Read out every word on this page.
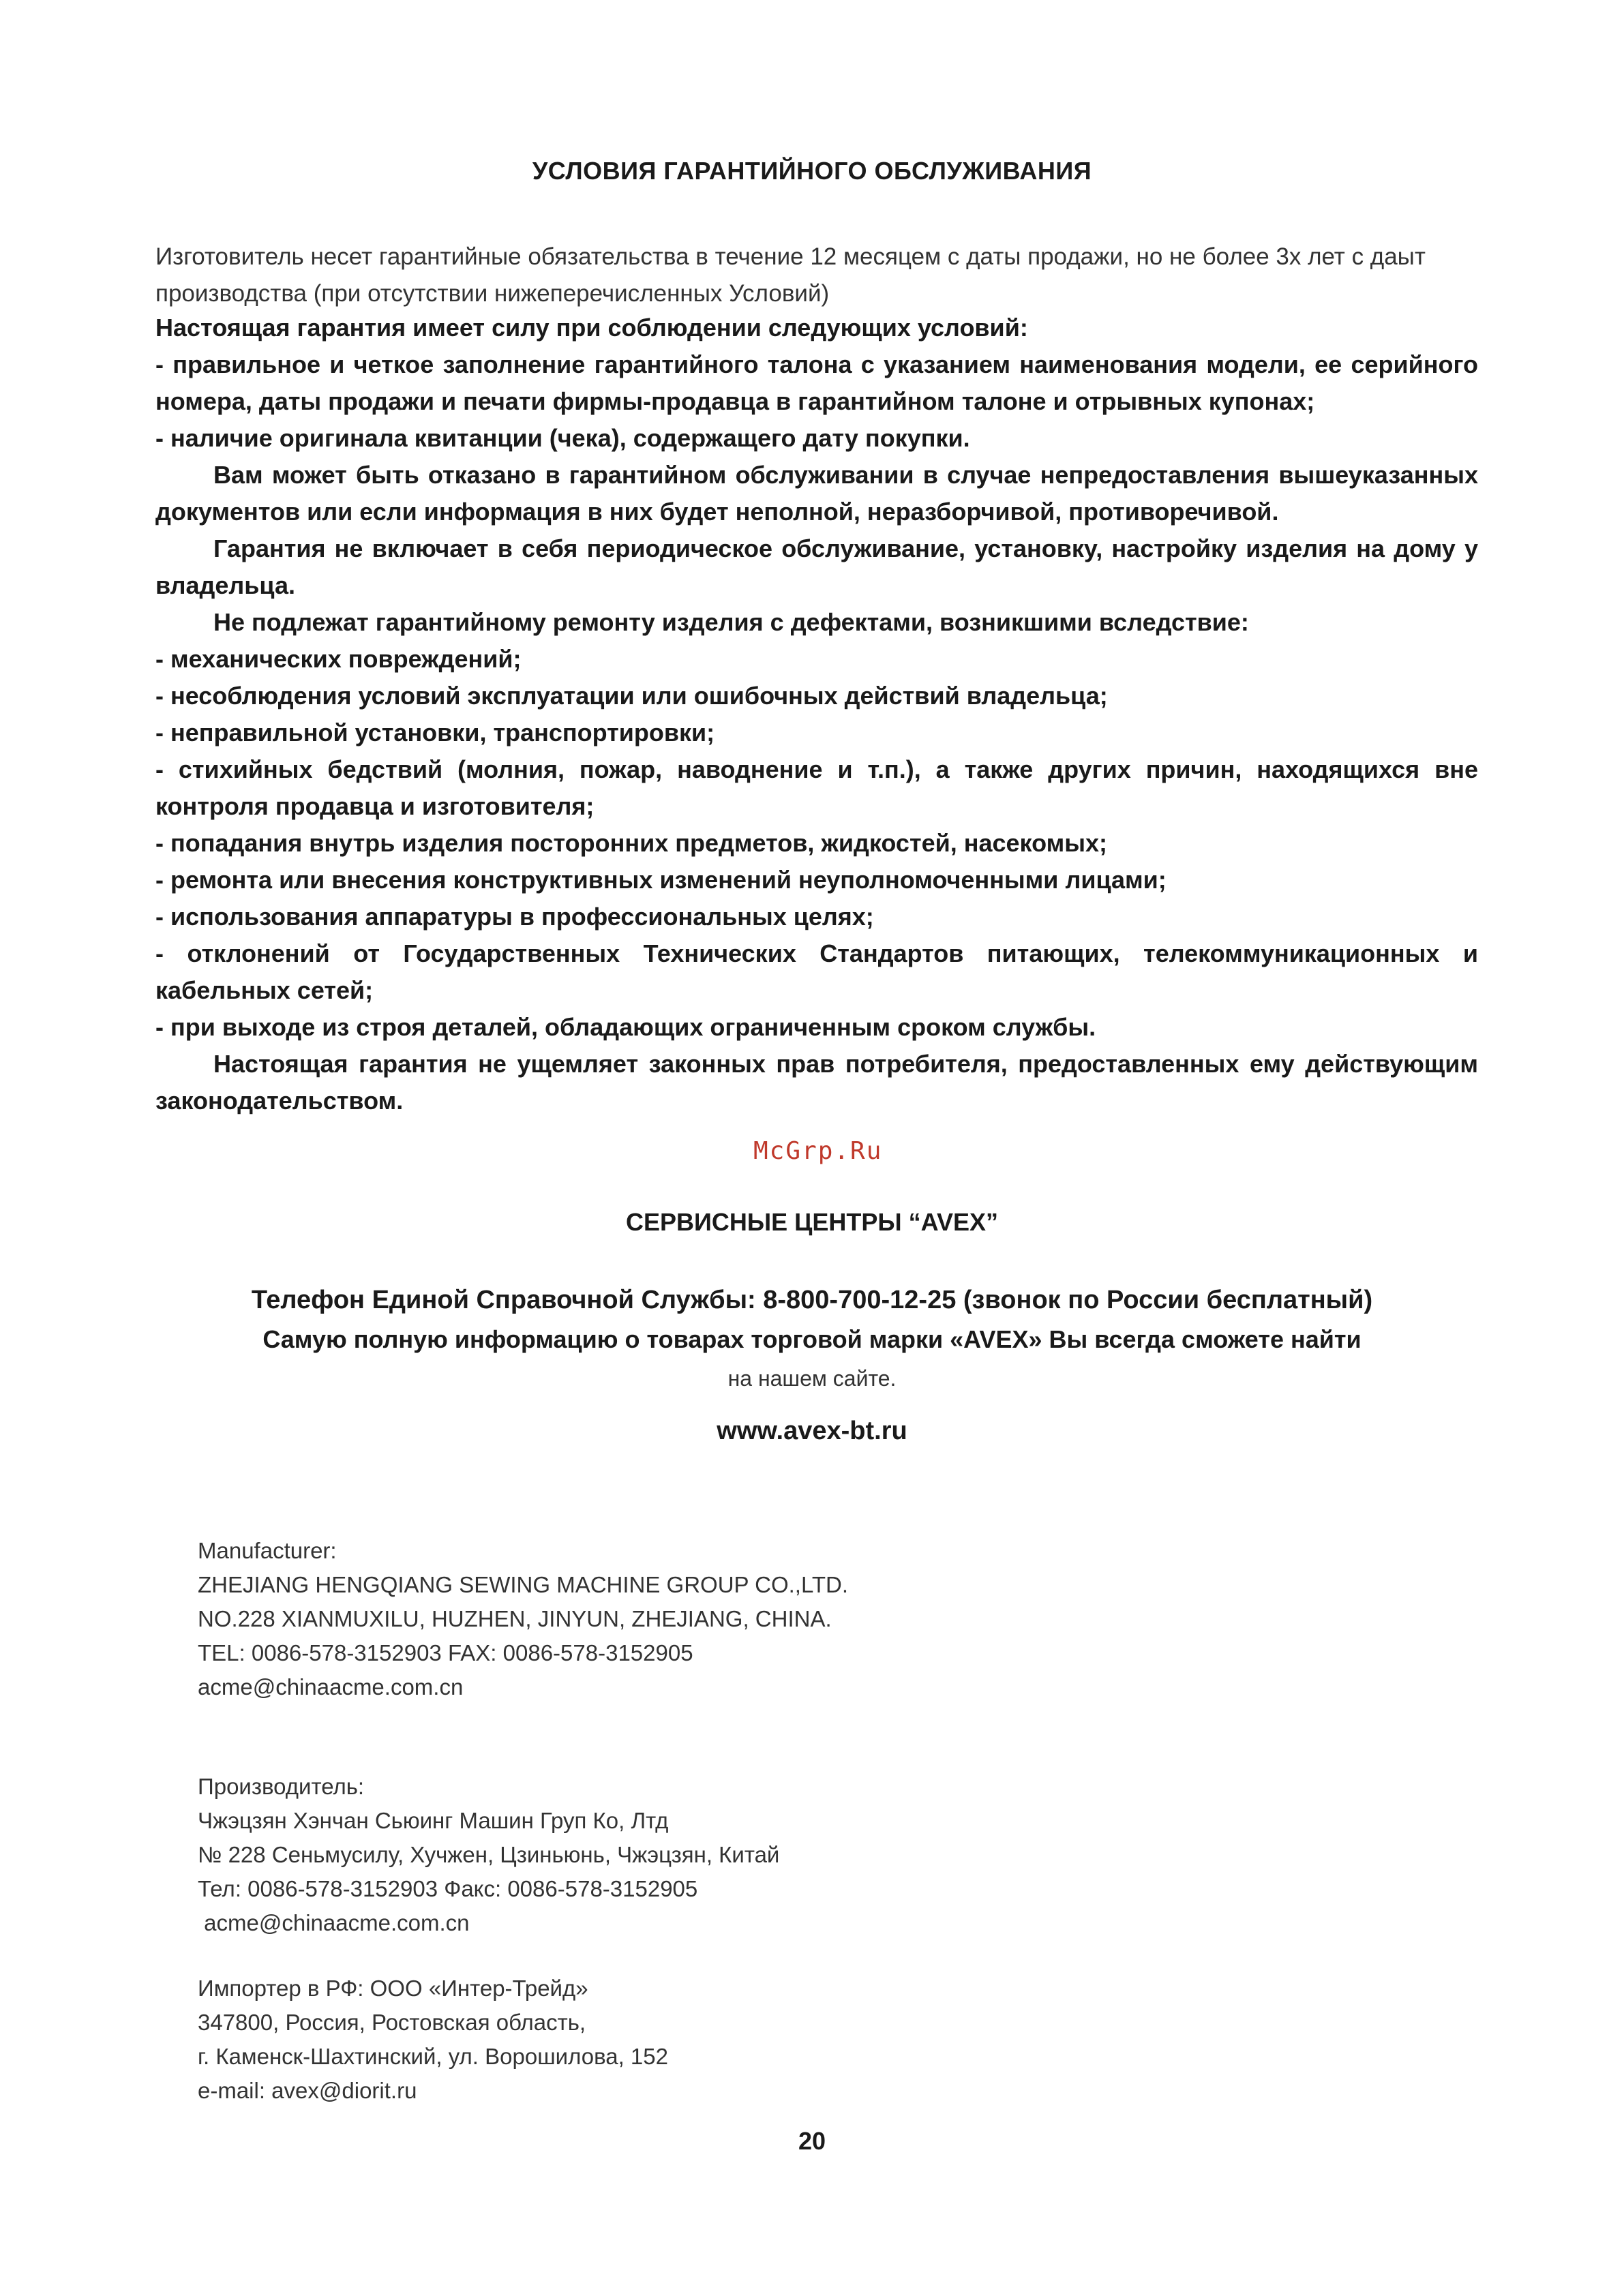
УСЛОВИЯ ГАРАНТИЙНОГО ОБСЛУЖИВАНИЯ
Изготовитель несет гарантийные обязательства в течение 12 месяцем с даты продажи, но не более 3х лет с даыт производства (при отсутствии нижеперечисленных Условий)

Настоящая гарантия имеет силу при соблюдении следующих условий:

- правильное и четкое заполнение гарантийного талона с указанием наименования модели, ее серийного номера, даты продажи и печати фирмы-продавца в гарантийном талоне и отрывных купонах;

- наличие оригинала квитанции (чека), содержащего дату покупки.

Вам может быть отказано в гарантийном обслуживании в случае непредоставления вышеуказанных документов или если информация в них будет неполной, неразборчивой, противоречивой.

Гарантия не включает в себя периодическое обслуживание, установку, настройку изделия на дому у владельца.

Не подлежат гарантийному ремонту изделия с дефектами, возникшими вследствие:

- механических повреждений;

- несоблюдения условий эксплуатации или ошибочных действий владельца;

- неправильной установки, транспортировки;

- стихийных бедствий (молния, пожар, наводнение и т.п.), а также других причин, находящихся вне контроля продавца и изготовителя;

- попадания внутрь изделия посторонних предметов, жидкостей, насекомых;

- ремонта или внесения конструктивных изменений неуполномоченными лицами;

- использования аппаратуры в профессиональных целях;

- отклонений от Государственных Технических Стандартов питающих, телекоммуникационных и кабельных сетей;

- при выходе из строя деталей, обладающих ограниченным сроком службы.

Настоящая гарантия не ущемляет законных прав потребителя, предоставленных ему действующим законодательством.

McGrp.Ru
СЕРВИСНЫЕ ЦЕНТРЫ “AVEX”
Телефон Единой Справочной Службы: 8-800-700-12-25 (звонок по России бесплатный)
Самую полную информацию о товарах торговой марки «AVEX» Вы всегда сможете найти
на нашем сайте.
www.avex-bt.ru
Manufacturer:
ZHEJIANG HENGQIANG SEWING MACHINE GROUP CO.,LTD.
NO.228 XIANMUXILU, HUZHEN, JINYUN, ZHEJIANG, CHINA.
TEL: 0086-578-3152903 FAX: 0086-578-3152905
acme@chinaacme.com.cn
Производитель:
Чжэцзян Хэнчан Сьюинг Машин Груп Ко, Лтд
№ 228 Сеньмусилу, Хучжен, Цзиньюнь, Чжэцзян, Китай
Тел: 0086-578-3152903 Факс: 0086-578-3152905
acme@chinaacme.com.cn
Импортер в РФ: ООО «Интер-Трейд»
347800, Россия, Ростовская область,
г. Каменск-Шахтинский, ул. Ворошилова, 152
e-mail: avex@diorit.ru
20
